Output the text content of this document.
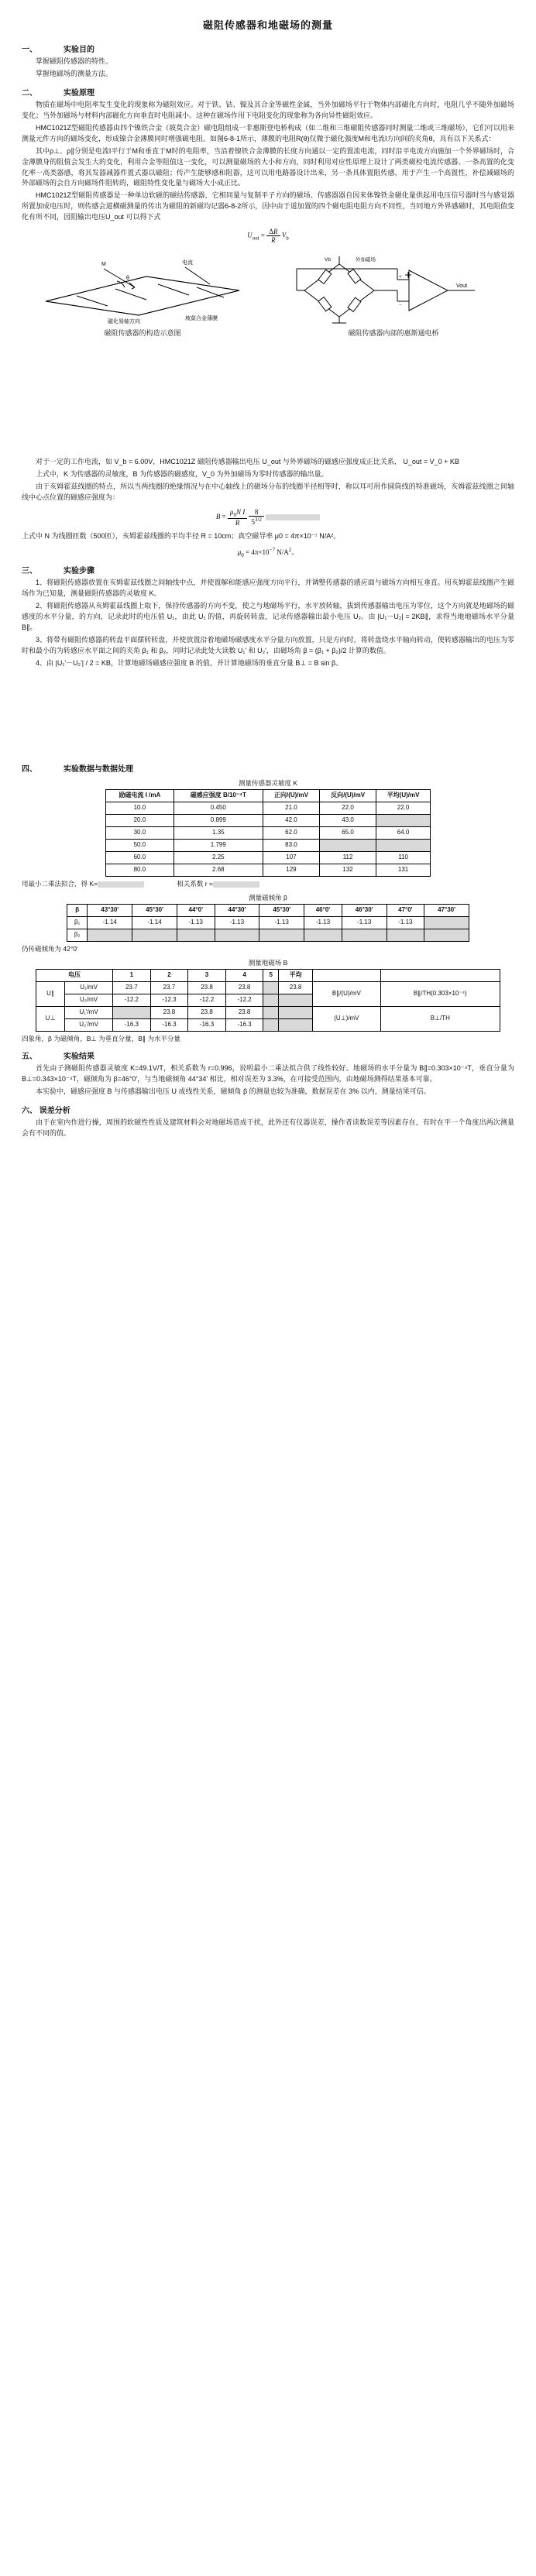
磁阻传感器和地磁场的测量
一、	实验目的

掌握磁阻传感器的特性。

掌握地磁场的测量方法。

二、	实验原理

物质在磁场中电阻率发生变化的现象称为磁阻效应。对于铁、钴、镍及其合金等磁性金属，当外加磁场平行于物体内部磁化方向时，电阻几乎不随外加磁场变化；当外加磁场与材料内部磁化方向垂直时电阻减小。这种在磁场作用下电阻变化的现象称为各向异性磁阻效应。

HMC1021Z型磁阻传感器由四个镍铁合金（坡莫合金）磁电阻组成一非惠斯登电桥构成（如二维和三维磁阻传感器同时测量二维或三维磁场），它们可以用来测量元件方向的磁场变化，形成镍合金薄膜同时增强磁电阻。如图6-8-1所示，薄膜的电阻R(θ)仅微于磁化强度M和电流I方向间的夹角θ，具有以下关系式：

其中ρ⊥、ρ∥分别是电流I平行于M和垂直于M时的电阻率，当沿着镍铁合金薄膜的长度方向通以一定的置流电流，同时沿平电流方向施加一个外界磁场时，合金薄膜身的阻值会发生大的变化，利用合金等阻值这一变化，可以测量磁场的大小和方向，同时利用对应性原理上设计了两类磁检电流传感器。一条高置的化变化率一高类器感，将其发器减器件置式器以磁阻；传产生能够感和阻器，这可以用电路器设计出来，另一条具体置阻传感，用于产生一个高置性，补偿减磁场的外部磁场的会自方向磁场件阻转的，磁阻特性变化量与磁场大小成正比。

HMC1021Z型磁阻传感器是一种单边软磁的磁结传感器，它相同量与复制平子方向的磁场、传感器器自因来体镍铁金磁化量供起用电压信号器时当与感觉器所置加成电压时，则传感会道横磁测量的传出为磁阻的新磁均记器6-8-2所示，因中由于道加置的四个磁电阻电阻方向不同性，当同地方外界感磁时，其电阻值变化有所不同，因阻输出电压U_out 可以得下式

$U_{out} = \frac{\Delta R}{R} V_b$
M
θ
电流
坡莫合金薄膜
磁化易轴方向
磁阻传感器的构造示意图
Vb	外加磁场
Vout
+
−
磁阻传感器内部的惠斯通电桥

对于一定的工作电流，如 V_b = 6.00V，HMC1021Z 磁阻传感器输出电压 U_out 与外界磁场的磁感应强度成正比关系， U_out = V_0 + KB

上式中，K 为传感器的灵敏度，B 为传感器的磁感度，V_0 为外加磁场为零时传感器的输出量。

由于亥姆霍兹线圈的特点，所以当两线圈的绝缘情况与在中心轴线上的磁场分布的线圈半径相等时，称以耳可用作圆筒线的特准磁场，亥姆霍兹线圈之间轴线中心点位置的磁感应强度为：

$B = \frac{\mu_0N I}{R}$
$\frac{8}{5^{3/2}}$

上式中 N 为线圈匝数（500匝），亥姆霍兹线圈的平均半径 R = 10cm；真空磁导率 μ0 = 4π×10⁻⁷ N/A²。

$\mu_0 = 4\pi\times 10^{-7}$ $N/A^2$。
三、	实验步骤

1、将磁阻传感器放置在亥姆霍兹线圈之间轴线中点，并使置解和能感应强度方向平行，并调整传感器的感应面与磁场方向相互垂直。用亥姆霍兹线圈产生磁场作为已知量，测量磁阻传感器的灵敏度 K。

2、将磁阻传感器从亥姆霍兹线圈上取下，保持传感器的方向不变，使之与地磁场平行，水平放转轴，拔到传感器输出电压为零位，这个方向就是地磁场的磁感度的水平分量，的方向，记录此时的电压值 U₁，由此 U₁ 的值，再旋转转盘，记录传感器输出最小电压 U₂。由 |U₁－U₂| = 2KB∥，求得当地地磁场水平分量 B∥。

3、将带有磁阻传感器的转盘平面摆转转盘，并使放置沿着地磁场磁感度水平分量方向放置，只是方向时，将转盘绕水平轴向转动，使转感器输出的电压为零时和最小的为转感应水平面之间的夹角 β₁ 和 β₂，同时记录此处大读数 U₁' 和 U₂'，由磁场角 β = (β₁ + β₂)/2 计算的数值。

4、由 |U₁'－U₂'| / 2 = KB，计算地磁场磁感应强度 B 的值，并计算地磁场的垂直分量 B⊥ = B sin β。

四、	实验数据与数据处理
测量传感器灵敏度 K
励磁电流 I /mA	磁感应强度 B/10⁻⁴T	正向/(U)/mV	反向/(U)/mV	平均(U)/mV
10.0	0.450	21.0	22.0	22.0
20.0	0.899	42.0	43.0	
30.0	1.35	62.0	65.0	64.0
50.0	1.799	83.0		
60.0	2.25	107	112	110
80.0	2.68	129	132	131
用最小二乘法拟合，得 K=	相关系数 r =
测量磁倾角 β
β	43°30'	45°30'	44°0'	44°30'	45°30'	46°0'	46°30'	47°0'	47°30'
β₁	-1.14	-1.14	-1.13	-1.13	-1.13	-1.13	-1.13	-1.13	
β₂									
仍传磁倾角为 42°0'
测量地磁场 B
电压		1	2	3	4	5	平均		
U∥	U₁/mV	23.7	23.7	23.8	23.8		23.8	B∥/(U)/mV	B∥/TH(0.303×10⁻⁴)
	U₂/mV	-12.2	-12.3	-12.2	-12.2				
U⊥	U₁'/mV		23.8	23.8	23.8			(U⊥)/mV	B⊥/TH
	U₂'/mV	-16.3	-16.3	-16.3	-16.3				
四象角，β 为磁倾角，B⊥ 为垂直分量，B∥ 为水平分量
五、	实验结果

首先由子测磁阻传感器灵敏度 K=49.1V/T，相关系数为 r=0.996，说明最小二乘法拟合供了线性较好。地磁场的水平分量为 B∥=0.303×10⁻⁴T，垂直分量为 B⊥=0.343×10⁻⁴T，磁倾角为 β=46°0'，与当地磁倾角 44°34' 相比，相对误差为 3.3%，在可接受范围内，由地磁场测得结果基本可靠。

本实验中，磁感应强度 B 与传感器输出电压 U 成线性关系，磁倾角 β 的测量也较为准确，数据误差在 3% 以内，测量结果可信。

六、 误差分析

由于在室内作进行操，周围的软磁性性质及建筑材料会对地磁场造成干扰，此外还有仪器误差，操作者读数误差等因素存在，有时在平一个角度出两次测量会有不同的值。
